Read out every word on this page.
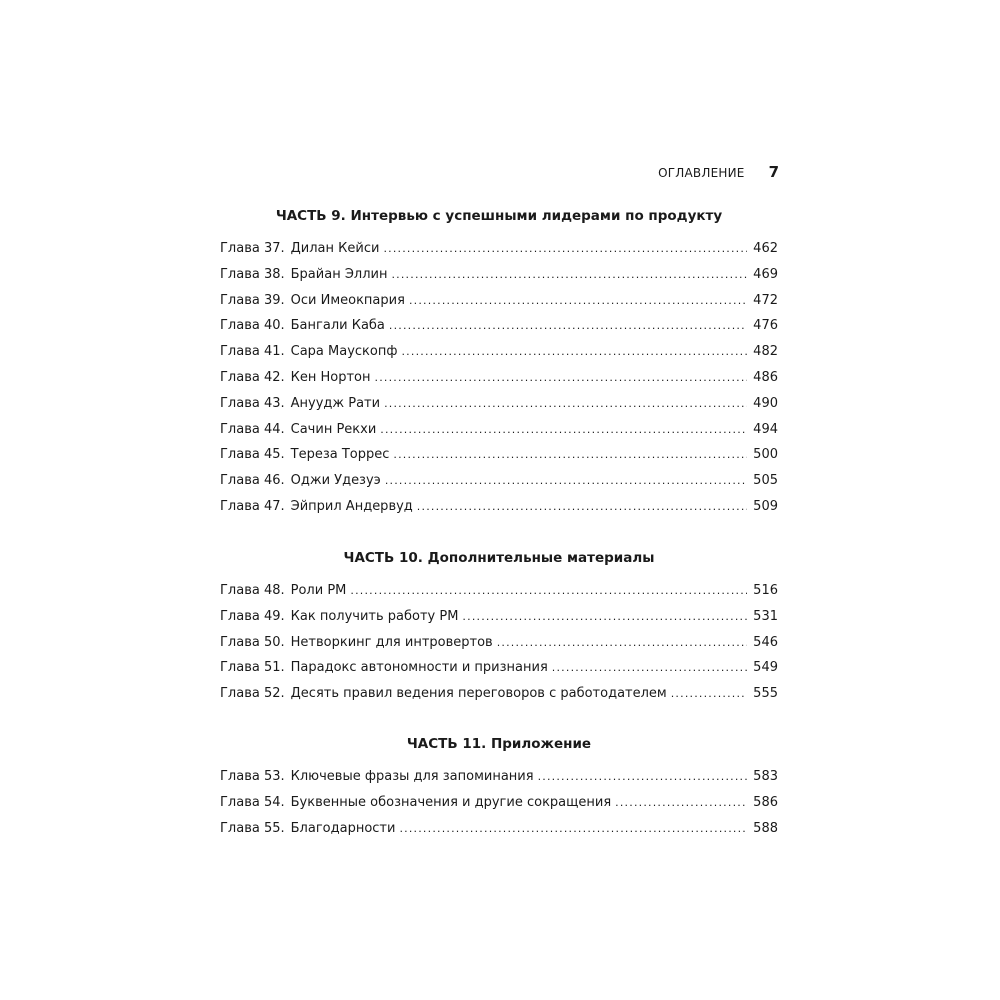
ОГЛАВЛЕНИЕ 7
ЧАСТЬ 9. Интервью с успешными лидерами по продукту
Глава 37. Дилан Кейси .....	462
Глава 38. Брайан Эллин .....	469
Глава 39. Оси Имеокпария .....	472
Глава 40. Бангали Каба .....	476
Глава 41. Сара Маускопф .....	482
Глава 42. Кен Нортон .....	486
Глава 43. Ануудж Рати .....	490
Глава 44. Сачин Рекхи .....	494
Глава 45. Тереза Торрес .....	500
Глава 46. Оджи Удезуэ .....	505
Глава 47. Эйприл Андервуд .....	509
ЧАСТЬ 10. Дополнительные материалы
Глава 48. Роли PM .....	516
Глава 49. Как получить работу PM .....	531
Глава 50. Нетворкинг для интровертов .....	546
Глава 51. Парадокс автономности и признания .....	549
Глава 52. Десять правил ведения переговоров с работодателем .....	555
ЧАСТЬ 11. Приложение
Глава 53. Ключевые фразы для запоминания .....	583
Глава 54. Буквенные обозначения и другие сокращения .....	586
Глава 55. Благодарности .....	588
